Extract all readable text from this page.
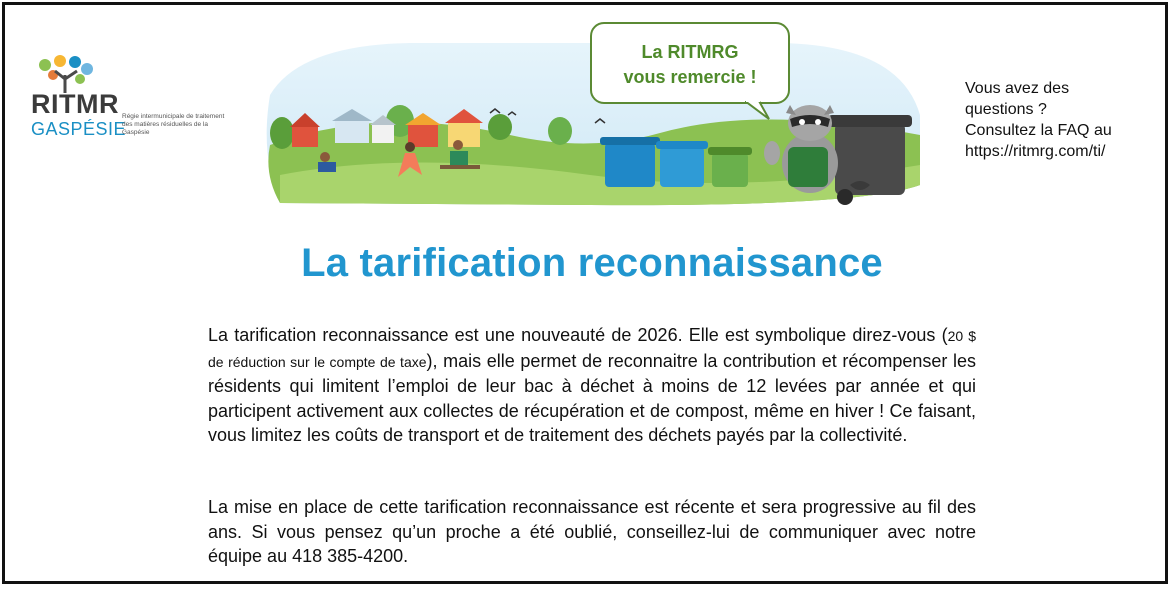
RITMR
GASPÉSIE
Régie intermunicipale de traitement des matières résiduelles de la Gaspésie
La RITMRG
vous remercie !
Vous avez des
questions ?
Consultez la FAQ au
https://ritmrg.com/ti/
La tarification reconnaissance
La tarification reconnaissance est une nouveauté de 2026. Elle est symbolique direz-vous (20 $ de réduction sur le compte de taxe), mais elle permet de reconnaitre la contribution et récompenser les résidents qui limitent l’emploi de leur bac à déchet à moins de 12 levées par année et qui participent activement aux collectes de récupération et de compost, même en hiver ! Ce faisant, vous limitez les coûts de transport et de traitement des déchets payés par la collectivité.
La mise en place de cette tarification reconnaissance est récente et sera progressive au fil des ans. Si vous pensez qu’un proche a été oublié, conseillez-lui de communiquer avec notre équipe au 418 385-4200.
